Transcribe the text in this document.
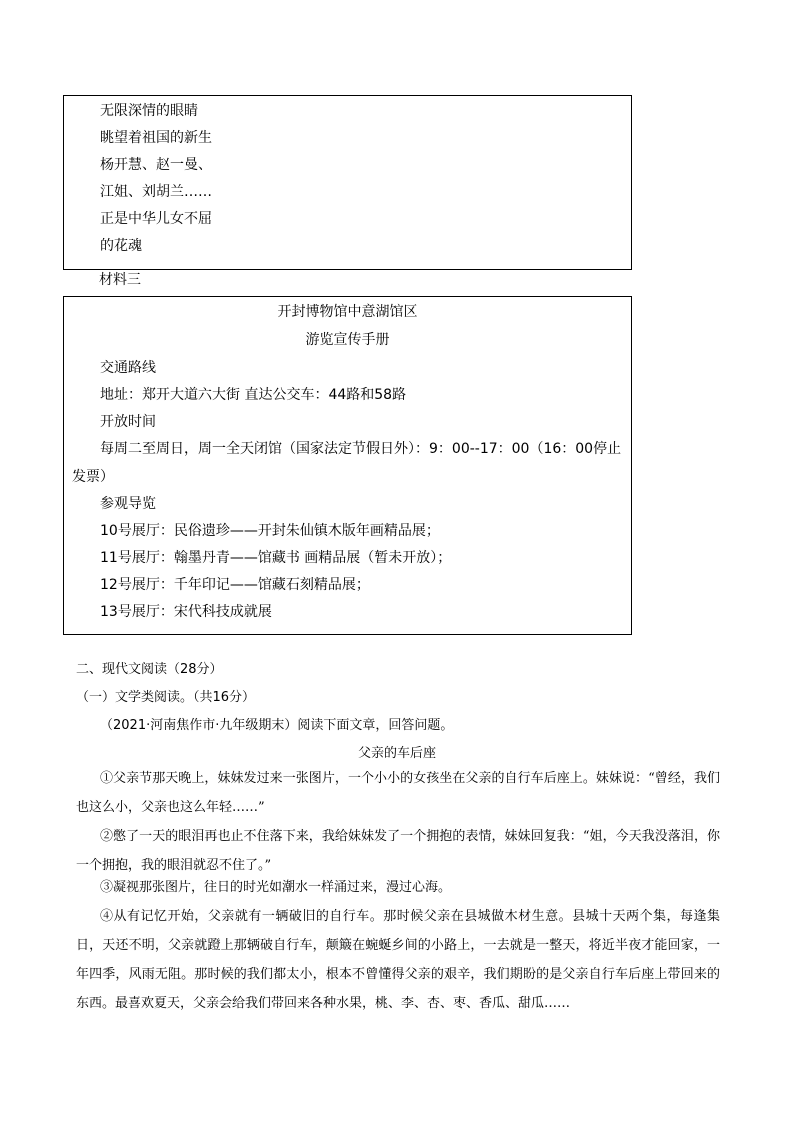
无限深情的眼睛
眺望着祖国的新生
杨开慧、赵一曼、
江姐、刘胡兰……
正是中华儿女不屈
的花魂
材料三
开封博物馆中意湖馆区
游览宣传手册
交通路线
地址：郑开大道六大街 直达公交车：44路和58路
开放时间
每周二至周日，周一全天闭馆（国家法定节假日外）：9：00--17：00（16：00停止发票）
参观导览
10号展厅：民俗遗珍——开封朱仙镇木版年画精品展；
11号展厅：翰墨丹青——馆藏书 画精品展（暂未开放）；
12号展厅：千年印记——馆藏石刻精品展；
13号展厅：宋代科技成就展
二、现代文阅读（28分）
（一）文学类阅读。（共16分）
（2021·河南焦作市·九年级期末）阅读下面文章，回答问题。
父亲的车后座

①父亲节那天晚上，妹妹发过来一张图片，一个小小的女孩坐在父亲的自行车后座上。妹妹说：“曾经，我们也这么小，父亲也这么年轻……”

②憋了一天的眼泪再也止不住落下来，我给妹妹发了一个拥抱的表情，妹妹回复我：“姐，今天我没落泪，你一个拥抱，我的眼泪就忍不住了。”

③凝视那张图片，往日的时光如潮水一样涌过来，漫过心海。

④从有记忆开始，父亲就有一辆破旧的自行车。那时候父亲在县城做木材生意。县城十天两个集，每逢集日，天还不明，父亲就蹬上那辆破自行车，颠簸在蜿蜒乡间的小路上，一去就是一整天，将近半夜才能回家，一年四季，风雨无阻。那时候的我们都太小，根本不曾懂得父亲的艰辛，我们期盼的是父亲自行车后座上带回来的东西。最喜欢夏天，父亲会给我们带回来各种水果，桃、李、杏、枣、香瓜、甜瓜……
